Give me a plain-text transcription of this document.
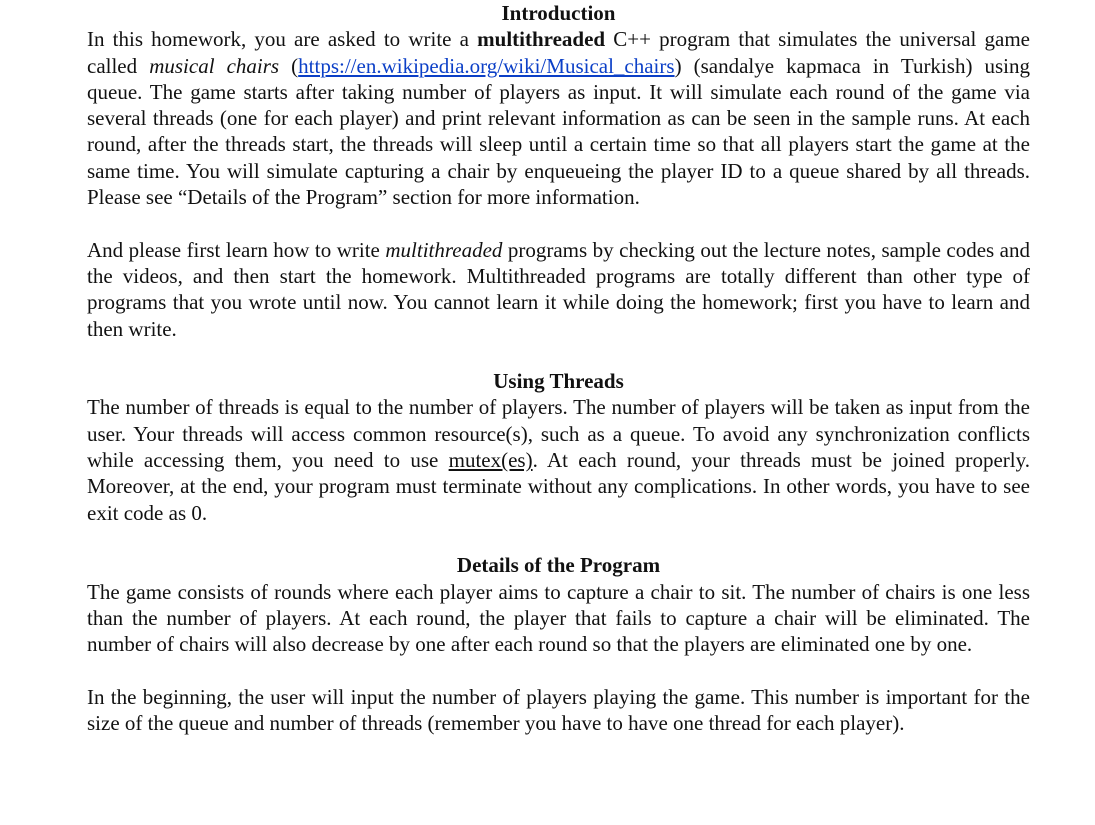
Introduction

In this homework, you are asked to write a multithreaded C++ program that simulates the universal game called musical chairs (https://en.wikipedia.org/wiki/Musical_chairs) (sandalye kapmaca in Turkish) using queue. The game starts after taking number of players as input. It will simulate each round of the game via several threads (one for each player) and print relevant information as can be seen in the sample runs. At each round, after the threads start, the threads will sleep until a certain time so that all players start the game at the same time. You will simulate capturing a chair by enqueueing the player ID to a queue shared by all threads. Please see “Details of the Program” section for more information.

And please first learn how to write multithreaded programs by checking out the lecture notes, sample codes and the videos, and then start the homework. Multithreaded programs are totally different than other type of programs that you wrote until now. You cannot learn it while doing the homework; first you have to learn and then write.

Using Threads

The number of threads is equal to the number of players. The number of players will be taken as input from the user. Your threads will access common resource(s), such as a queue. To avoid any synchronization conflicts while accessing them, you need to use mutex(es). At each round, your threads must be joined properly. Moreover, at the end, your program must terminate without any complications. In other words, you have to see exit code as 0.

Details of the Program

The game consists of rounds where each player aims to capture a chair to sit. The number of chairs is one less than the number of players. At each round, the player that fails to capture a chair will be eliminated. The number of chairs will also decrease by one after each round so that the players are eliminated one by one.

In the beginning, the user will input the number of players playing the game. This number is important for the size of the queue and number of threads (remember you have to have one thread for each player).
